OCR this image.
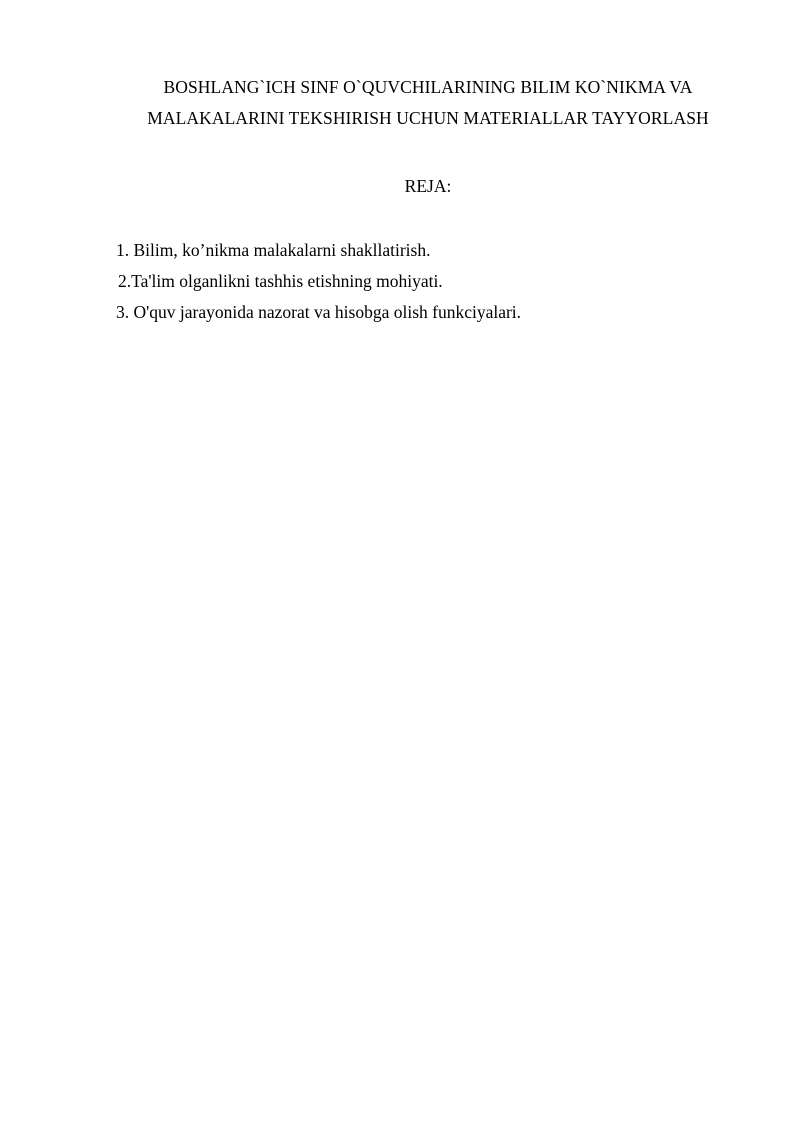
BOSHLANG`ICH SINF O`QUVCHILARINING BILIM KO`NIKMA VA
MALAKALARINI TEKSHIRISH UCHUN MATERIALLAR TAYYORLASH
REJA:
1. Bilim, ko’nikma malakalarni shakllatirish.
2.Ta'lim olganlikni tashhis etishning mohiyati.
3. O'quv jarayonida nazorat va hisobga olish funkciyalari.
